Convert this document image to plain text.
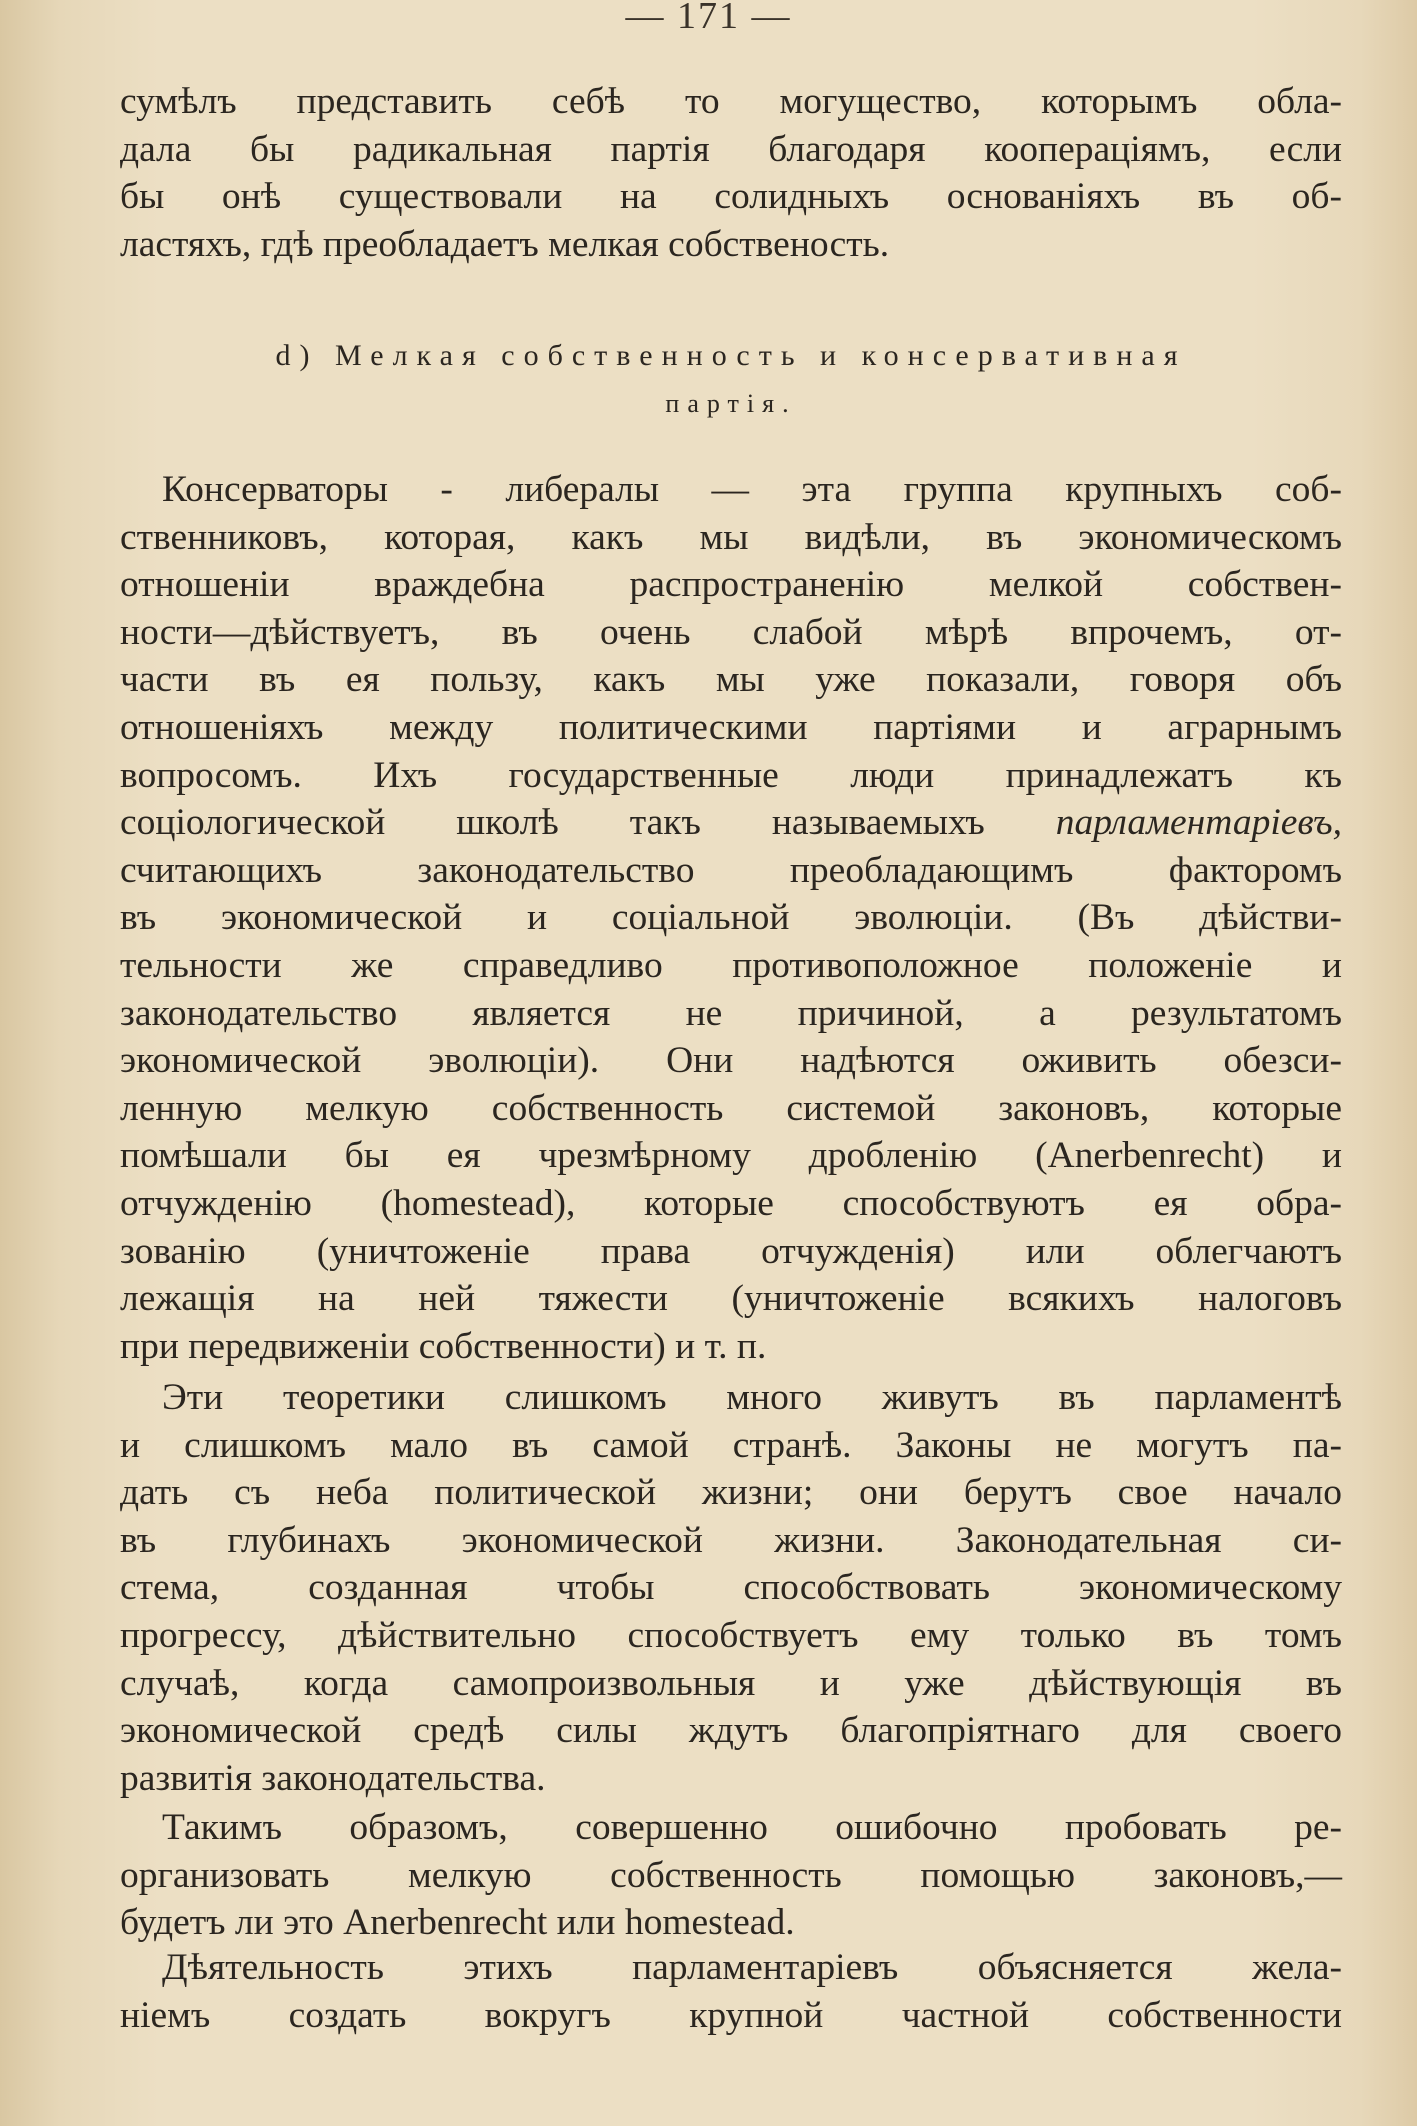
— 171 —
сумѣлъ представить себѣ то могущество, которымъ обла-
дала бы радикальная партія благодаря кооперацiямъ, если
бы онѣ существовали на солидныхъ основанiяхъ въ об-
ластяхъ, гдѣ преобладаетъ мелкая собственость.
d) Мелкая собственность и консервативная
партія.
Консерваторы - либералы — эта группа крупныхъ соб-
ственниковъ, которая, какъ мы видѣли, въ экономическомъ
отношенiи враждебна распространенiю мелкой собствен-
ности—дѣйствуетъ, въ очень слабой мѣрѣ впрочемъ, от-
части въ ея пользу, какъ мы уже показали, говоря объ
отношенiяхъ между политическими партiями и аграрнымъ
вопросомъ. Ихъ государственные люди принадлежатъ къ
соцiологической школѣ такъ называемыхъ парламентарiевъ,
считающихъ законодательство преобладающимъ факторомъ
въ экономической и соцiальной эволюцiи. (Въ дѣйстви-
тельности же справедливо противоположное положенiе и
законодательство является не причиной, а результатомъ
экономической эволюцiи). Они надѣются оживить обезси-
ленную мелкую собственность системой законовъ, которые
помѣшали бы ея чрезмѣрному дробленiю (Anerbenrecht) и
отчужденiю (homestead), которые способствуютъ ея обра-
зованiю (уничтоженiе права отчужденiя) или облегчаютъ
лежащiя на ней тяжести (уничтоженiе всякихъ налоговъ
при передвиженiи собственности) и т. п.
Эти теоретики слишкомъ много живутъ въ парламентѣ
и слишкомъ мало въ самой странѣ. Законы не могутъ па-
дать съ неба политической жизни; они берутъ свое начало
въ глубинахъ экономической жизни. Законодательная си-
стема, созданная чтобы способствовать экономическому
прогрессу, дѣйствительно способствуетъ ему только въ томъ
случаѣ, когда самопроизвольныя и уже дѣйствующiя въ
экономической средѣ силы ждутъ благопрiятнаго для своего
развитiя законодательства.
Такимъ образомъ, совершенно ошибочно пробовать ре-
организовать мелкую собственность помощью законовъ,—
будетъ ли это Anerbenrecht или homestead.
Дѣятельность этихъ парламентарiевъ объясняется жела-
нiемъ создать вокругъ крупной частной собственности
